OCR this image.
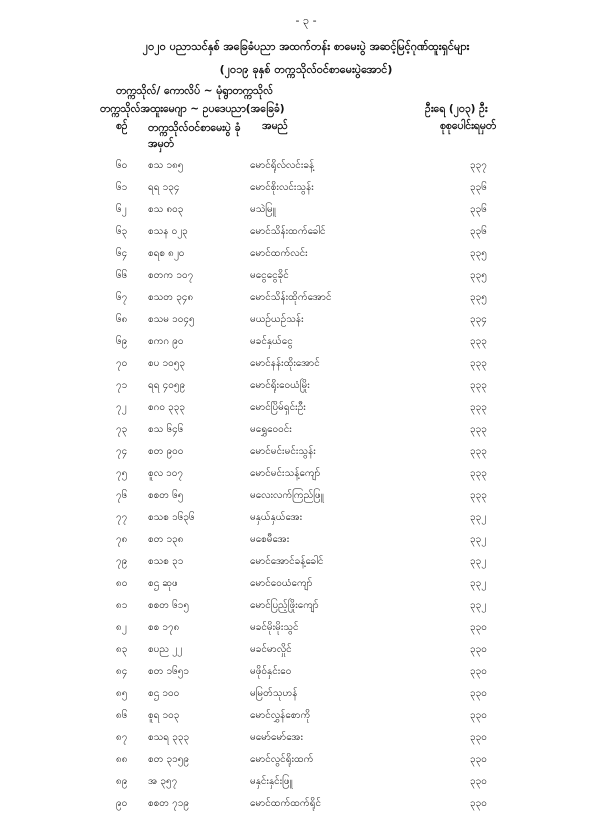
- ၃ -
၂၀၂၀ ပညာသင်နှစ် အခြေခံပညာ အထက်တန်း စာမေးပွဲ အဆင့်မြင့်ဂုဏ်ထူးရှင်များ
(၂၀၁၉ ခုနှစ် တက္ကသိုလ်ဝင်စာမေးပွဲအောင်)
တက္ကသိုလ်/ ကောလိပ် ~ မုံရွာတက္ကသိုလ်
တက္ကသိုလ်အထူးမေဂျာ ~ ဥပဒေပညာ(အခြေခံ)	ဦးရေ (၂၀၃) ဦး
စဉ် တက္ကသိုလ်ဝင်စာမေးပွဲ ခုံအမှတ်
အမည်	စုစုပေါင်းရမှတ်
၆၀ စသ ၁၈၅	မောင်ရိုလ်လင်းခန့်	၃၃၇
၆၁ ရရ ၁၃၄	မောင်စိုးလင်းသွန်း	၃၃၆
၆၂ စသ ၈၀၃	မသဲမြူ	၃၃၆
၆၃ စသန ၀၂၃	မောင်သိန်းထက်ခေါင်	၃၃၆
၆၄ စရစ ၈၂၀	မောင်ထက်လင်း	၃၃၅
၆၆ စတက ၁၀၇	မငွေငွေခိုင်	၃၃၅
၆၇ စသတ ၃၄၈	မောင်သိန်းထိုက်အောင်	၃၃၅
၆၈ စသမ ၁၀၄၅	မယဉ်ယဉ်သန်း	၃၃၄
၆၉ စကဂ ၉၀	မခင်နှယ်ငွေ	၃၃၃
၇၀ စပ ၁၀၅၃	မောင်နန်းထိုးအောင်	၃၃၃
၇၁ ရရ ၄၀၅၉	မောင်ရိုးဝေယံမြိုး	၃၃၃
၇၂ စဂ၀ ၃၃၃	မောင်ပြိမ်ရှင်းဦး	၃၃၃
၇၃ စသ ၆၄၆	မရွှေဝေဝင်း	၃၃၃
၇၄ စတ ၉၀၀	မောင်မင်းမင်းသွန်း	၃၃၃
၇၅ စူလ ၁၀၇	မောင်မင်းသန့်ကျော်	၃၃၃
၇၆ စစတ ၆၅	မလေးလက်ကြည်ဖြူ	၃၃၃
၇၇ စသစ ၁၆၃၆	မနှယ်နှယ်အေး	၃၃၂
၇၈ စတ ၁၃၈	မစေမီအေး	၃၃၂
၇၉ စသစ ၃၁	မောင်အောင်ခန့်ခေါင်	၃၃၂
၈၀ စဌ ဆုဖ	မောင်ဝေယံကျော်	၃၃၂
၈၁ စစတ ၆၁၅	မောင်ပြည့်ဖြိုးကျော်	၃၃၂
၈၂ စစ ၁၇၈	မခင်မိုးမိုးသွင်	၃၃၀
၈၃ စပည ၂၂	မခင်မာလှိုင်	၃၃၀
၈၄ စတ ၁၆၅၁	မဖိုဝ်နှင်းဝေ	၃၃၀
၈၅ စဌ ၁၀၀	မမြတ်သုဟန်	၃၃၀
၈၆ စူရ ၁၀၃	မောင်လွှန်စောကို	၃၃၀
၈၇ စသရ ၃၃၃	မမော်မော်အေး	၃၃၀
၈၈ စတ ၃၁၅၉	မောင်လွင်ရိုးထက်	၃၃၀
၈၉ အ ၃၅၇	မနှင်းနှင်းဖြူ	၃၃၀
၉၀ စစတ ၇၁၉	မောင်ထက်ထက်ရိုင်	၃၃၀
